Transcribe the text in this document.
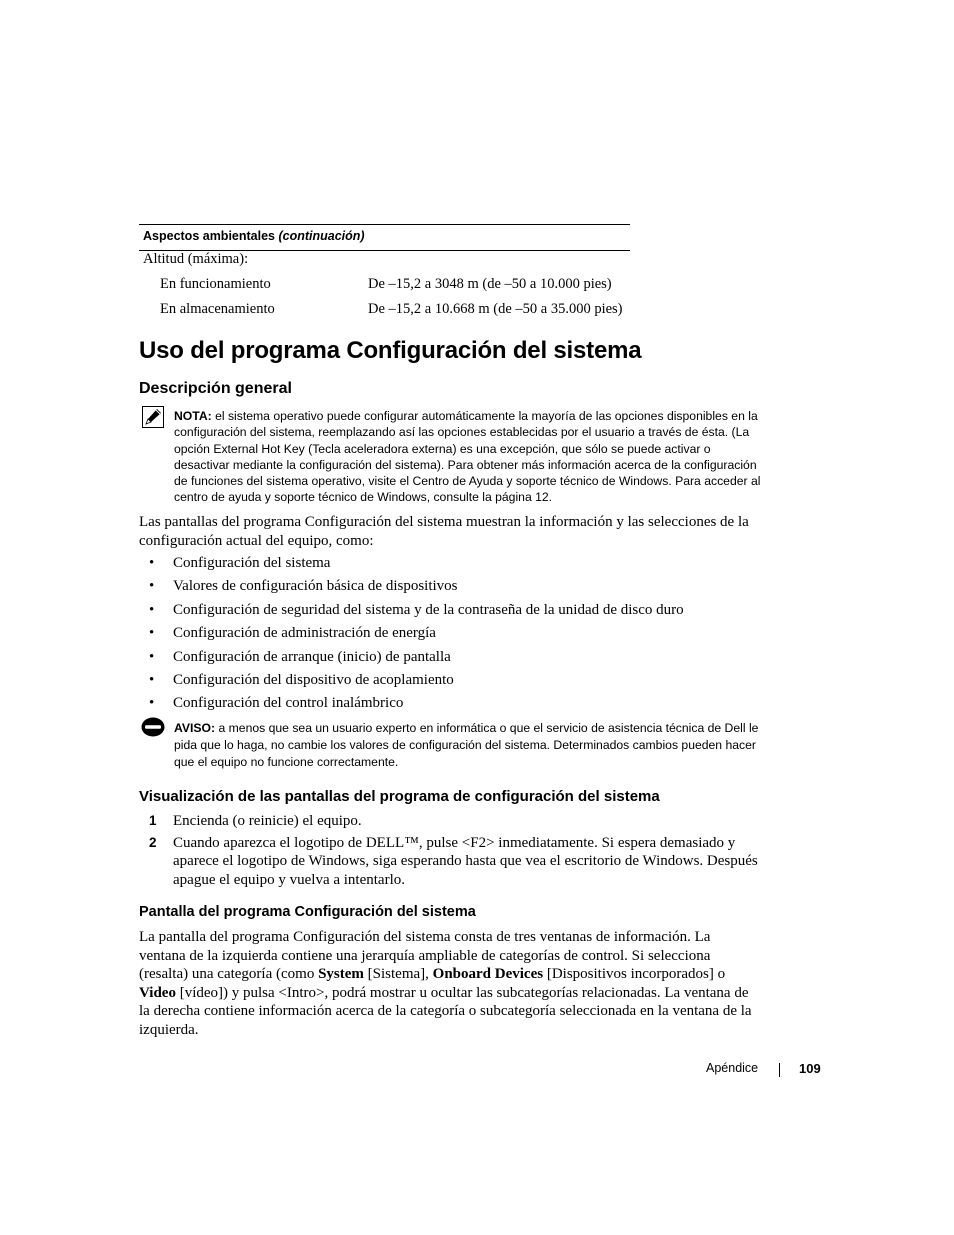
Aspectos ambientales (continuación)
Altitud (máxima):
En funcionamiento	De –15,2 a 3048 m (de –50 a 10.000 pies)
En almacenamiento	De –15,2 a 10.668 m (de –50 a 35.000 pies)
Uso del programa Configuración del sistema
Descripción general
NOTA: el sistema operativo puede configurar automáticamente la mayoría de las opciones disponibles en la configuración del sistema, reemplazando así las opciones establecidas por el usuario a través de ésta. (La opción External Hot Key (Tecla aceleradora externa) es una excepción, que sólo se puede activar o desactivar mediante la configuración del sistema). Para obtener más información acerca de la configuración de funciones del sistema operativo, visite el Centro de Ayuda y soporte técnico de Windows. Para acceder al centro de ayuda y soporte técnico de Windows, consulte la página 12.
Las pantallas del programa Configuración del sistema muestran la información y las selecciones de la configuración actual del equipo, como:
• Configuración del sistema
• Valores de configuración básica de dispositivos
• Configuración de seguridad del sistema y de la contraseña de la unidad de disco duro
• Configuración de administración de energía
• Configuración de arranque (inicio) de pantalla
• Configuración del dispositivo de acoplamiento
• Configuración del control inalámbrico
AVISO: a menos que sea un usuario experto en informática o que el servicio de asistencia técnica de Dell le pida que lo haga, no cambie los valores de configuración del sistema. Determinados cambios pueden hacer que el equipo no funcione correctamente.
Visualización de las pantallas del programa de configuración del sistema
1 Encienda (o reinicie) el equipo.
2 Cuando aparezca el logotipo de DELL™, pulse <F2> inmediatamente. Si espera demasiado y aparece el logotipo de Windows, siga esperando hasta que vea el escritorio de Windows. Después apague el equipo y vuelva a intentarlo.
Pantalla del programa Configuración del sistema
La pantalla del programa Configuración del sistema consta de tres ventanas de información. La ventana de la izquierda contiene una jerarquía ampliable de categorías de control. Si selecciona (resalta) una categoría (como System [Sistema], Onboard Devices [Dispositivos incorporados] o Video [vídeo]) y pulsa <Intro>, podrá mostrar u ocultar las subcategorías relacionadas. La ventana de la derecha contiene información acerca de la categoría o subcategoría seleccionada en la ventana de la izquierda.
Apéndice	109
